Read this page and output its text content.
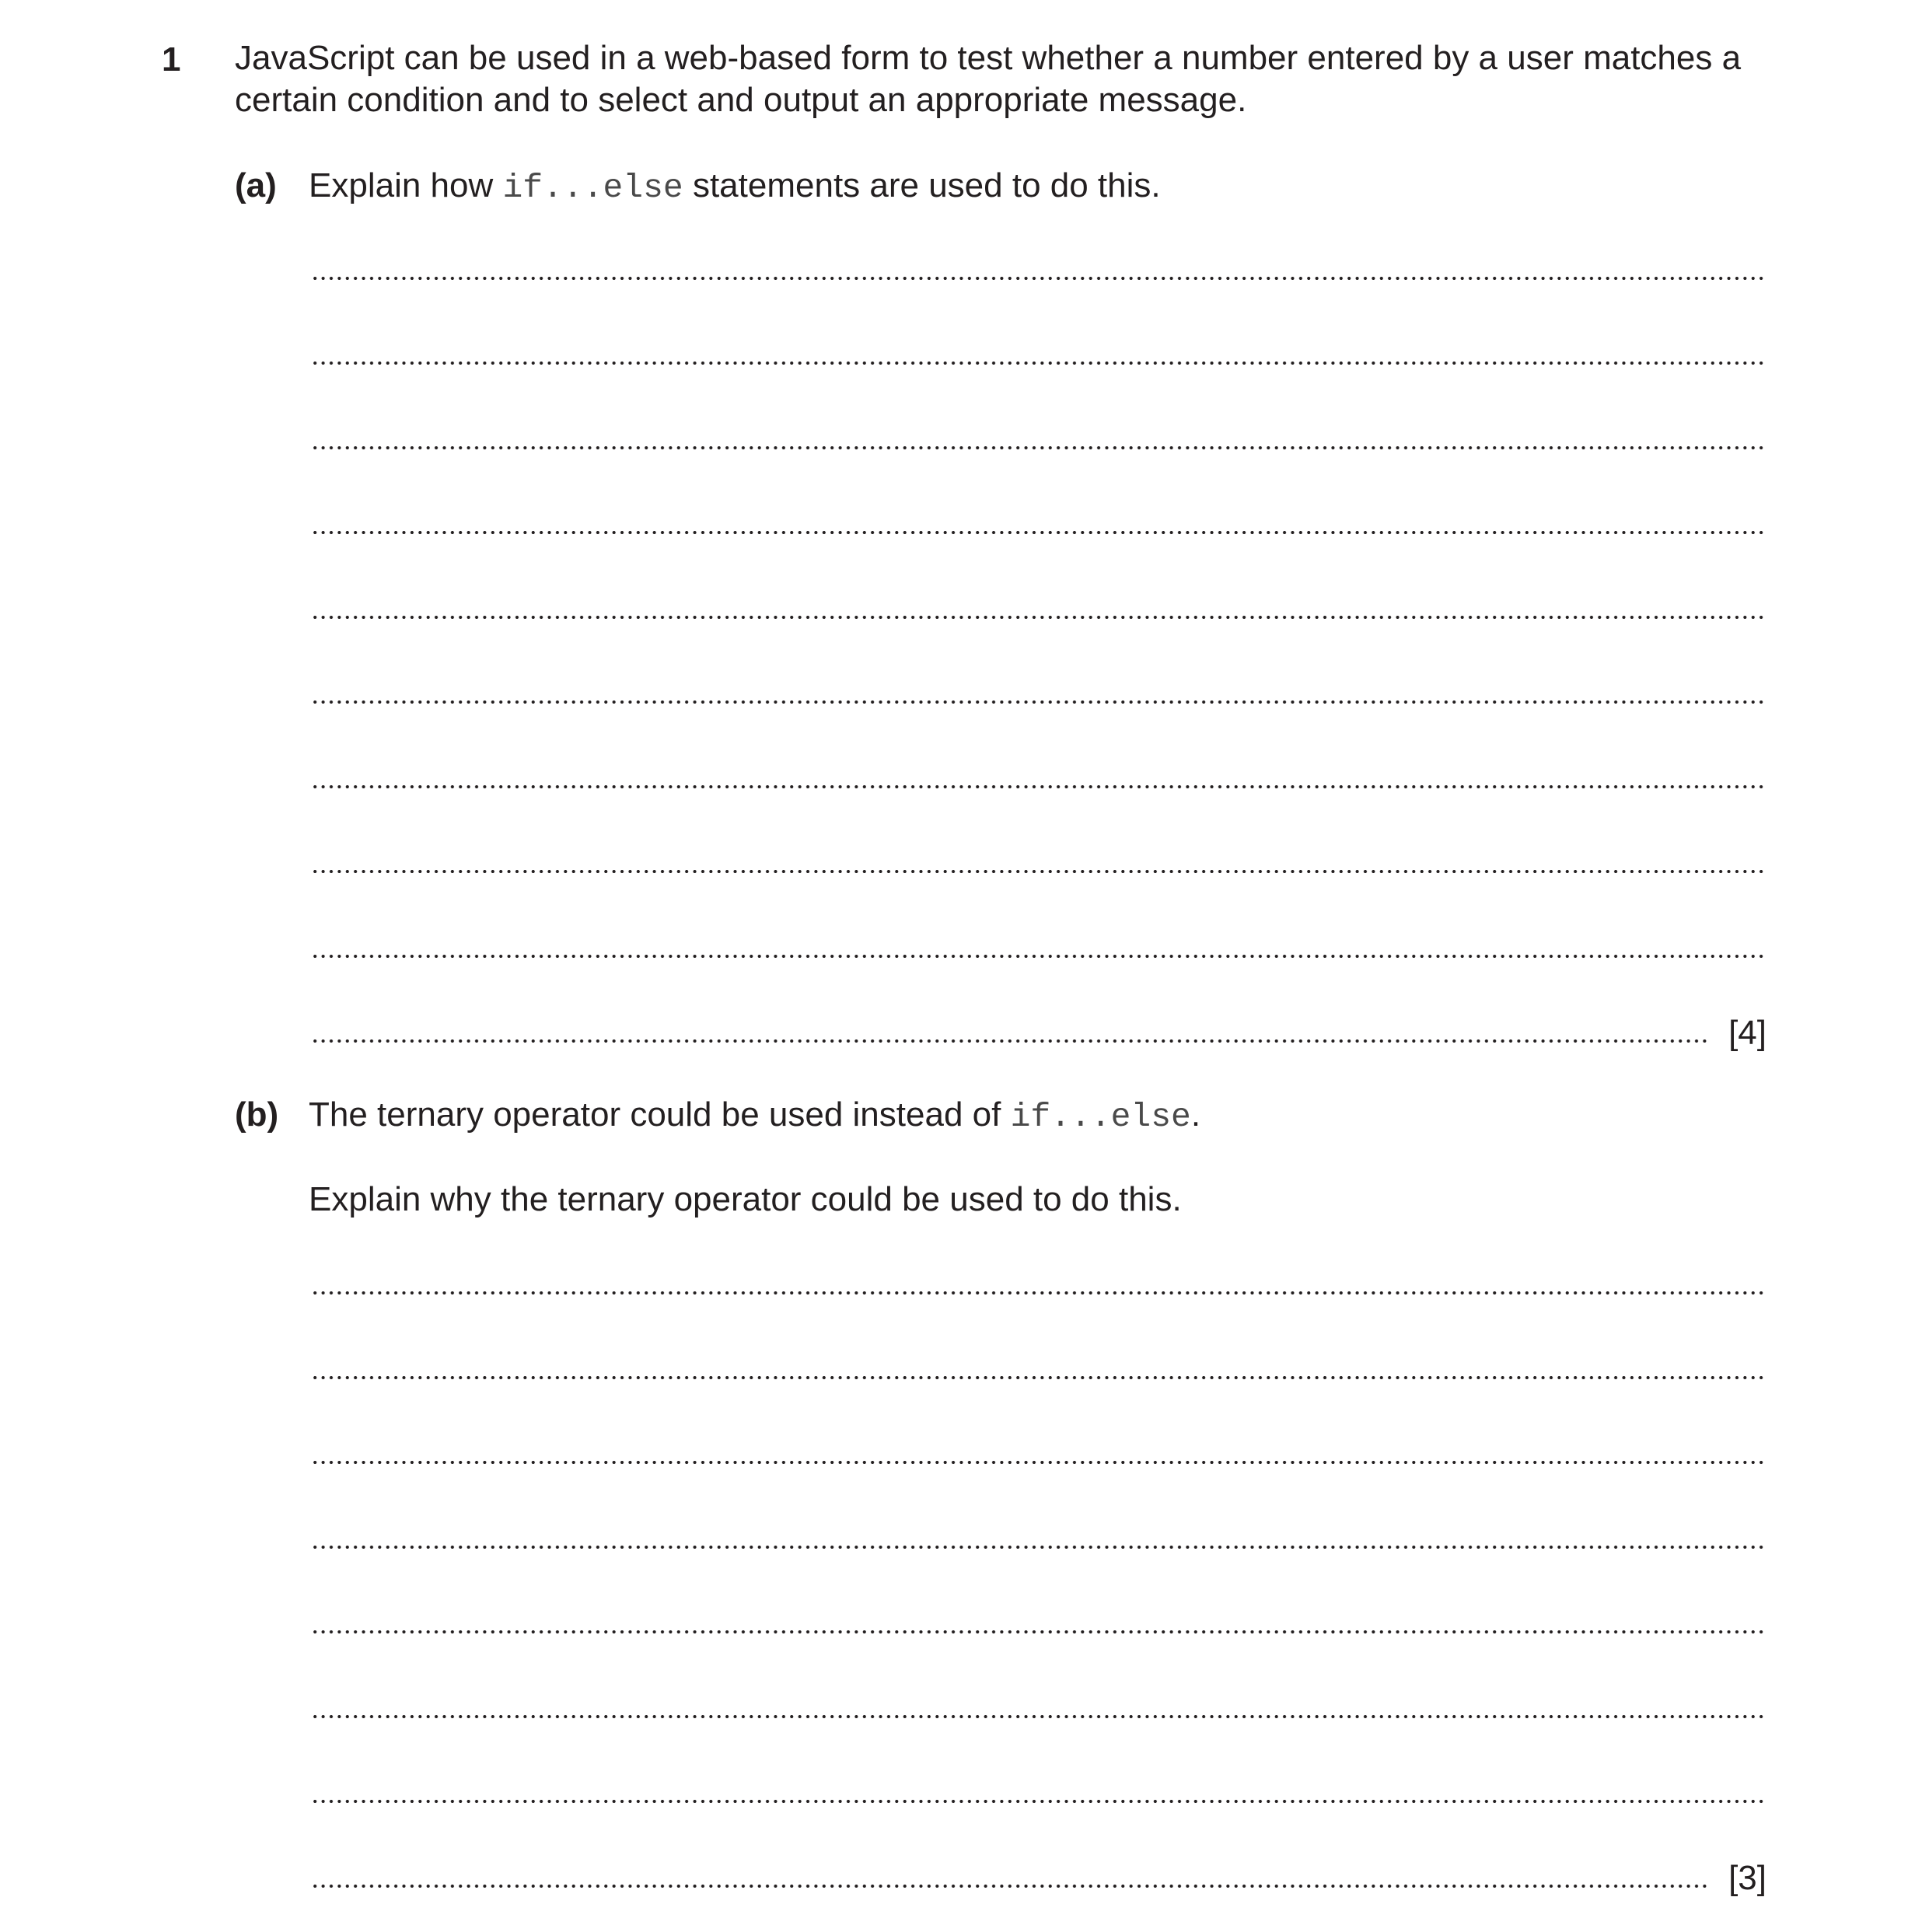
1 JavaScript can be used in a web-based form to test whether a number entered by a user matches a certain condition and to select and output an appropriate message.
(a) Explain how if...else statements are used to do this.
[4]
(b) The ternary operator could be used instead of if...else.
Explain why the ternary operator could be used to do this.
[3]
